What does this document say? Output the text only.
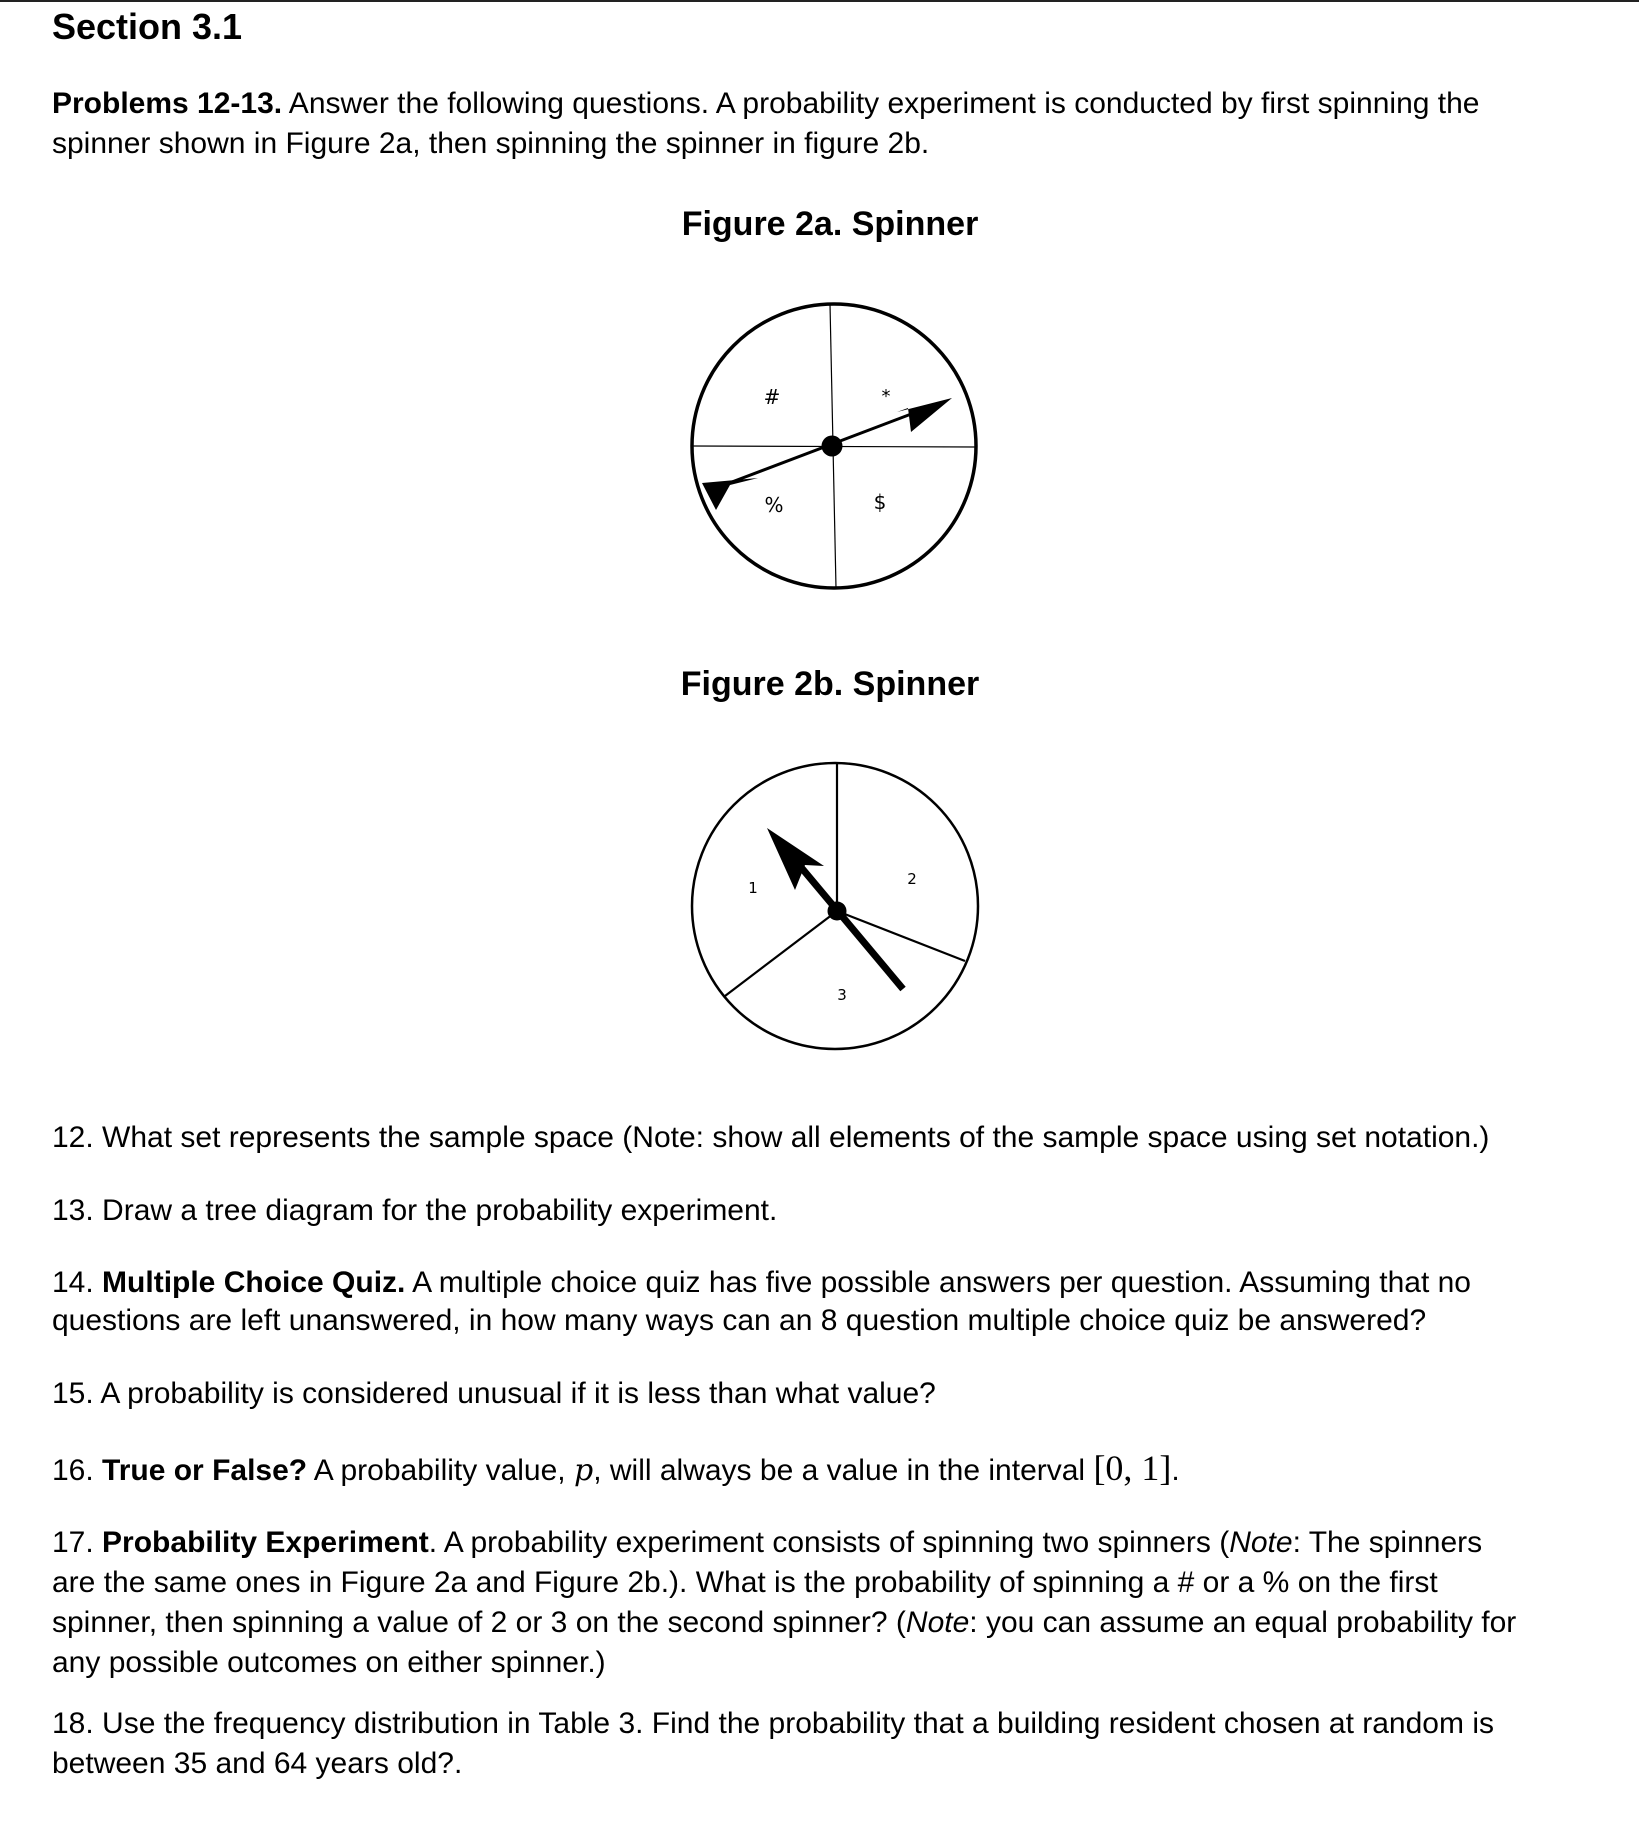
Section 3.1
Problems 12-13. Answer the following questions. A probability experiment is conducted by first spinning the
spinner shown in Figure 2a, then spinning the spinner in figure 2b.
Figure 2a. Spinner
#	*
%	$
Figure 2b. Spinner
1	2
3
12. What set represents the sample space (Note: show all elements of the sample space using set notation.)
13. Draw a tree diagram for the probability experiment.
14. Multiple Choice Quiz. A multiple choice quiz has five possible answers per question. Assuming that no
questions are left unanswered, in how many ways can an 8 question multiple choice quiz be answered?
15. A probability is considered unusual if it is less than what value?
16. True or False? A probability value, p, will always be a value in the interval [0, 1].
17. Probability Experiment. A probability experiment consists of spinning two spinners (Note: The spinners
are the same ones in Figure 2a and Figure 2b.). What is the probability of spinning a # or a % on the first
spinner, then spinning a value of 2 or 3 on the second spinner? (Note: you can assume an equal probability for
any possible outcomes on either spinner.)
18. Use the frequency distribution in Table 3. Find the probability that a building resident chosen at random is
between 35 and 64 years old?.
